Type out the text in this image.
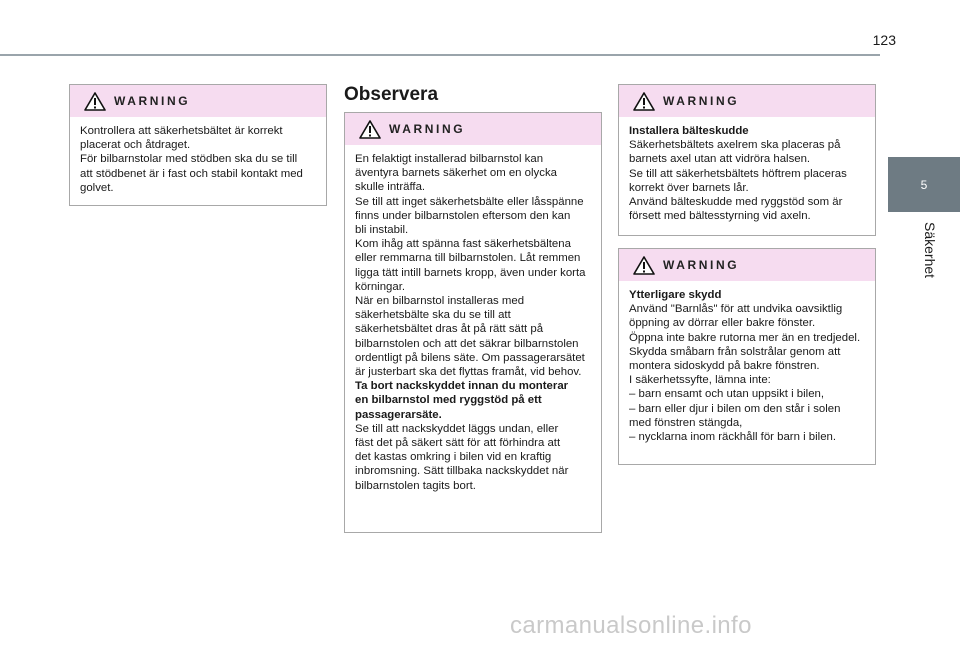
123
5
Säkerhet
WARNING

Kontrollera att säkerhetsbältet är korrekt

placerat och åtdraget.

För bilbarnstolar med stödben ska du se till

att stödbenet är i fast och stabil kontakt med

golvet.

Observera
WARNING

En felaktigt installerad bilbarnstol kan

äventyra barnets säkerhet om en olycka

skulle inträffa.

Se till att inget säkerhetsbälte eller låsspänne

finns under bilbarnstolen eftersom den kan

bli instabil.

Kom ihåg att spänna fast säkerhetsbältena

eller remmarna till bilbarnstolen. Låt remmen

ligga tätt intill barnets kropp, även under korta

körningar.

När en bilbarnstol installeras med

säkerhetsbälte ska du se till att

säkerhetsbältet dras åt på rätt sätt på

bilbarnstolen och att det säkrar bilbarnstolen

ordentligt på bilens säte. Om passagerarsätet

är justerbart ska det flyttas framåt, vid behov.

Ta bort nackskyddet innan du monterar

en bilbarnstol med ryggstöd på ett

passagerarsäte.

Se till att nackskyddet läggs undan, eller

fäst det på säkert sätt för att förhindra att

det kastas omkring i bilen vid en kraftig

inbromsning. Sätt tillbaka nackskyddet när

bilbarnstolen tagits bort.

WARNING

Installera bälteskudde

Säkerhetsbältets axelrem ska placeras på

barnets axel utan att vidröra halsen.

Se till att säkerhetsbältets höftrem placeras

korrekt över barnets lår.

Använd bälteskudde med ryggstöd som är

försett med bältesstyrning vid axeln.

WARNING

Ytterligare skydd

Använd "Barnlås" för att undvika oavsiktlig

öppning av dörrar eller bakre fönster.

Öppna inte bakre rutorna mer än en tredjedel.

Skydda småbarn från solstrålar genom att

montera sidoskydd på bakre fönstren.

I säkerhetssyfte, lämna inte:

– barn ensamt och utan uppsikt i bilen,

– barn eller djur i bilen om den står i solen

med fönstren stängda,

– nycklarna inom räckhåll för barn i bilen.

carmanualsonline.info
